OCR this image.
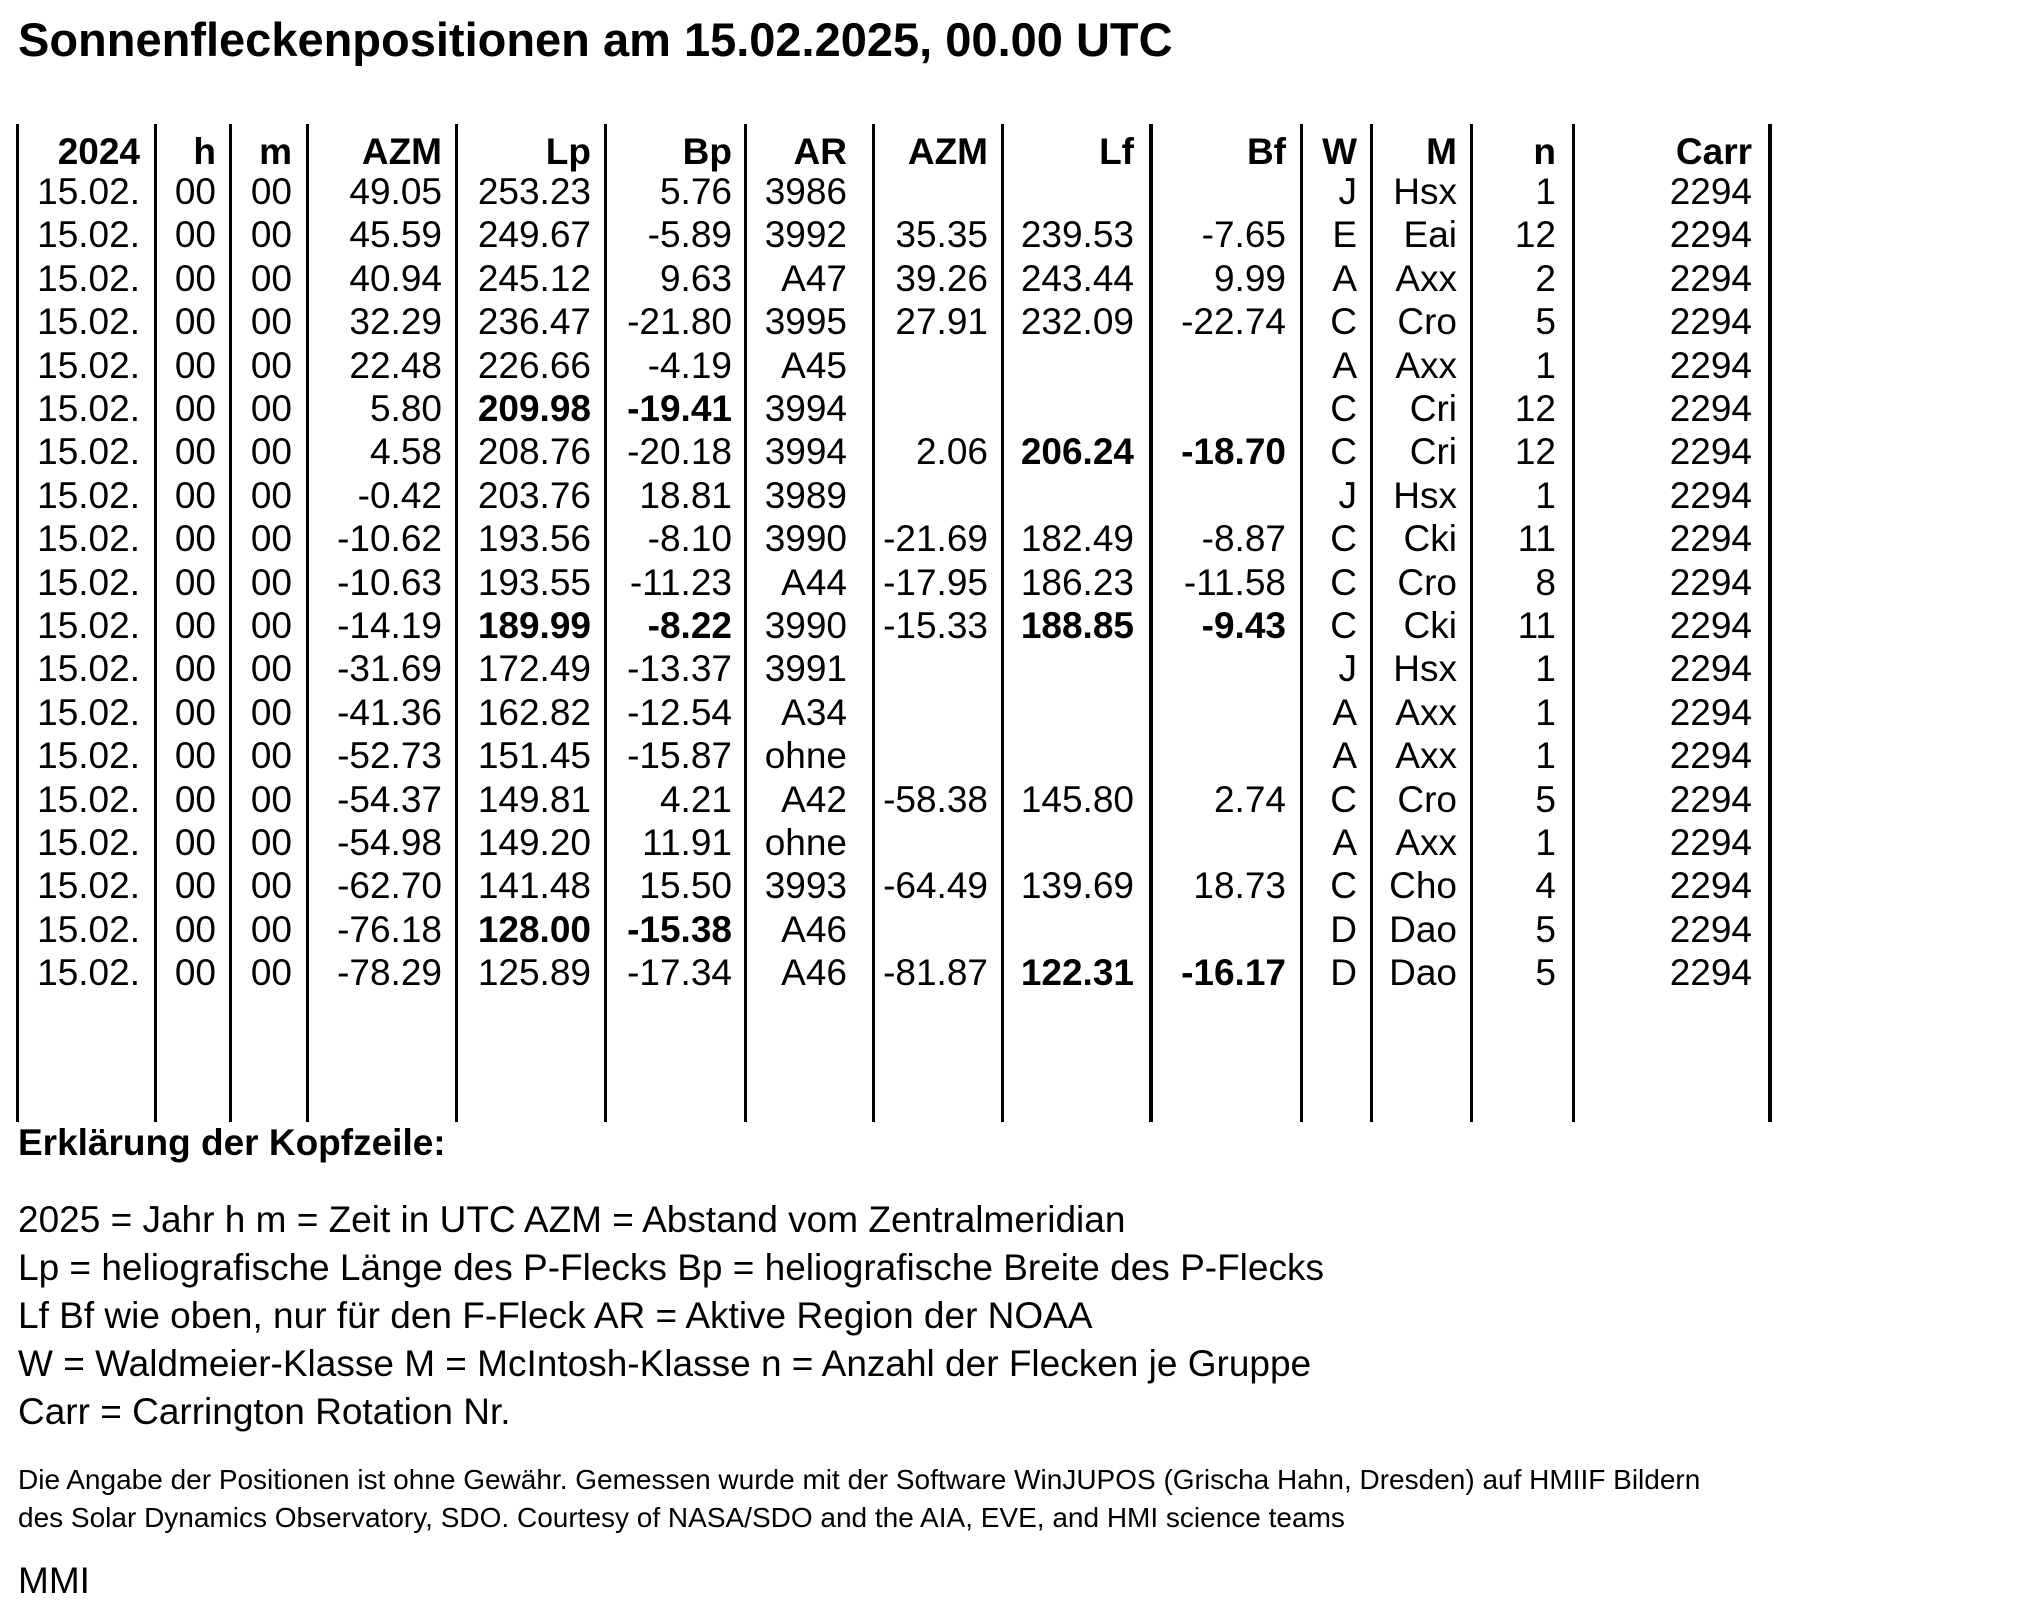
Sonnenfleckenpositionen am 15.02.2025, 00.00 UTC
2024 h m AZM	Lp Bp AR AZM	Lf	Bf W M n	Carr
15.02. 00 00 49.05 253.23 5.76 3986	J Hsx 1	2294
15.02. 00 00 45.59 249.67 -5.89 3992 35.35 239.53 -7.65 E Eai 12	2294
15.02. 00 00 40.94 245.12 9.63 A47 39.26 243.44 9.99 A Axx 2	2294
15.02. 00 00 32.29 236.47 -21.80 3995 27.91 232.09 -22.74 C Cro 5	2294
15.02. 00 00 22.48 226.66 -4.19 A45	A Axx 1	2294
15.02. 00 00 5.80 209.98 -19.41 3994	C Cri 12	2294
15.02. 00 00 4.58 208.76 -20.18 3994 2.06 206.24 -18.70 C Cri 12	2294
15.02. 00 00 -0.42 203.76 18.81 3989	J Hsx 1	2294
15.02. 00 00 -10.62 193.56 -8.10 3990 -21.69 182.49 -8.87 C Cki 11	2294
15.02. 00 00 -10.63 193.55 -11.23 A44 -17.95 186.23 -11.58 C Cro 8	2294
15.02. 00 00 -14.19 189.99 -8.22 3990 -15.33 188.85 -9.43 C Cki 11	2294
15.02. 00 00 -31.69 172.49 -13.37 3991	J Hsx 1	2294
15.02. 00 00 -41.36 162.82 -12.54 A34	A Axx 1	2294
15.02. 00 00 -52.73 151.45 -15.87 ohne	A Axx 1	2294
15.02. 00 00 -54.37 149.81 4.21 A42 -58.38 145.80 2.74 C Cro 5	2294
15.02. 00 00 -54.98 149.20 11.91 ohne	A Axx 1	2294
15.02. 00 00 -62.70 141.48 15.50 3993 -64.49 139.69 18.73 C Cho 4	2294
15.02. 00 00 -76.18 128.00 -15.38 A46	D Dao 5	2294
15.02. 00 00 -78.29 125.89 -17.34 A46 -81.87 122.31 -16.17 D Dao 5	2294
Erklärung der Kopfzeile:
2025 = Jahr h m = Zeit in UTC AZM = Abstand vom Zentralmeridian
Lp = heliografische Länge des P-Flecks Bp = heliografische Breite des P-Flecks
Lf Bf wie oben, nur für den F-Fleck AR = Aktive Region der NOAA
W = Waldmeier-Klasse M = McIntosh-Klasse n = Anzahl der Flecken je Gruppe
Carr = Carrington Rotation Nr.
Die Angabe der Positionen ist ohne Gewähr. Gemessen wurde mit der Software WinJUPOS (Grischa Hahn, Dresden) auf HMIIF Bildern
des Solar Dynamics Observatory, SDO. Courtesy of NASA/SDO and the AIA, EVE, and HMI science teams
MMI
